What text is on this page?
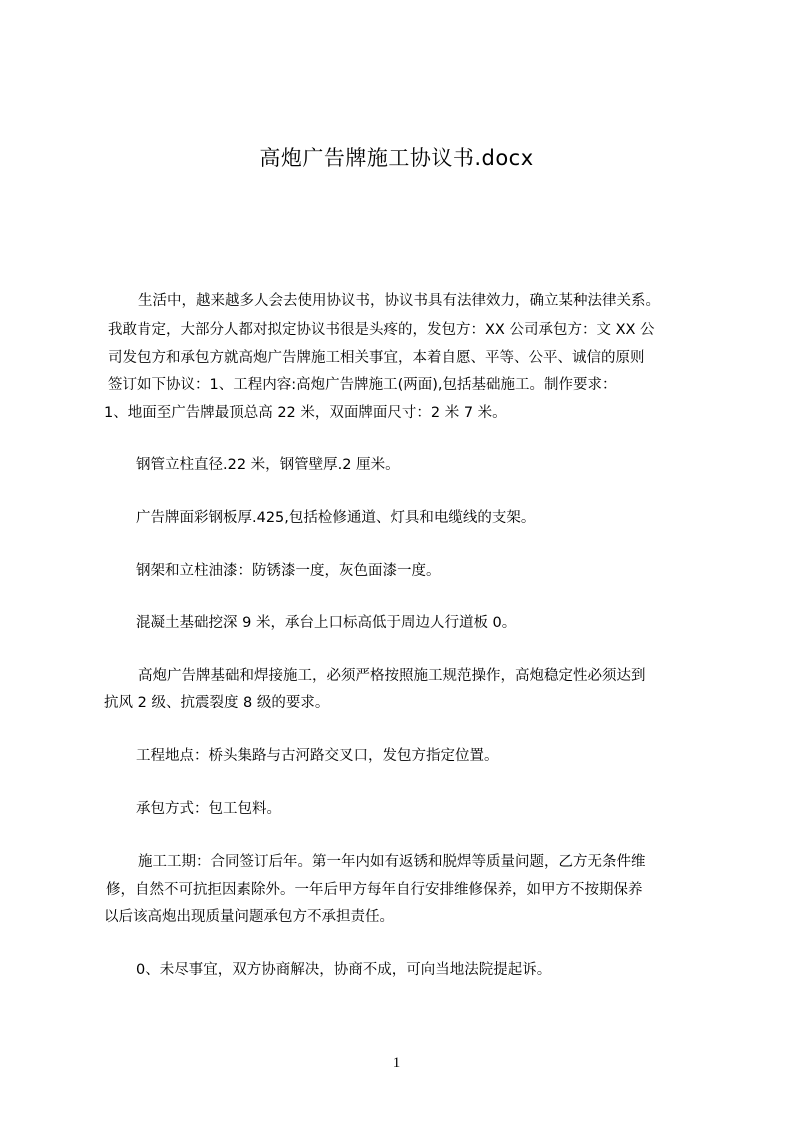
高炮广告牌施工协议书.docx
生活中，越来越多人会去使用协议书，协议书具有法律效力，确立某种法律关系。
我敢肯定，大部分人都对拟定协议书很是头疼的，发包方：XX 公司承包方：文 XX 公
司发包方和承包方就高炮广告牌施工相关事宜，本着自愿、平等、公平、诚信的原则
签订如下协议：1、工程内容:高炮广告牌施工(两面),包括基础施工。制作要求：
1、地面至广告牌最顶总高 22 米，双面牌面尺寸：2 米 7 米。
钢管立柱直径.22 米，钢管壁厚.2 厘米。
广告牌面彩钢板厚.425,包括检修通道、灯具和电缆线的支架。
钢架和立柱油漆：防锈漆一度，灰色面漆一度。
混凝土基础挖深 9 米，承台上口标高低于周边人行道板 0。
高炮广告牌基础和焊接施工，必须严格按照施工规范操作，高炮稳定性必须达到
抗风 2 级、抗震裂度 8 级的要求。
工程地点：桥头集路与古河路交叉口，发包方指定位置。
承包方式：包工包料。
施工工期：合同签订后年。第一年内如有返锈和脱焊等质量问题，乙方无条件维
修，自然不可抗拒因素除外。一年后甲方每年自行安排维修保养，如甲方不按期保养
以后该高炮出现质量问题承包方不承担责任。
0、未尽事宜，双方协商解决，协商不成，可向当地法院提起诉。
1
